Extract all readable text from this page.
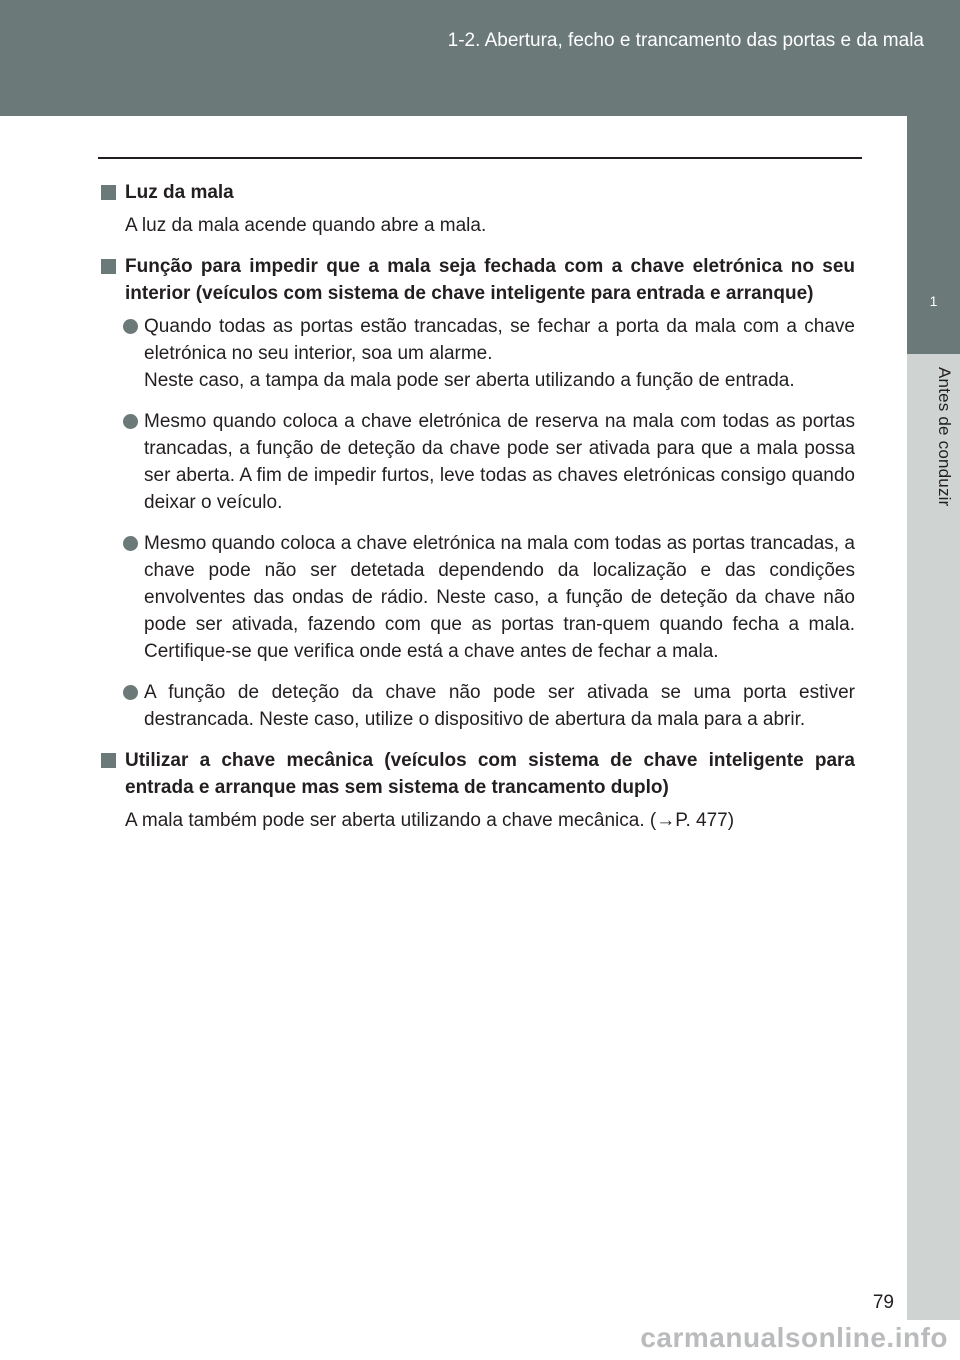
1-2. Abertura, fecho e trancamento das portas e da mala
1
Antes de conduzir
Luz da mala
A luz da mala acende quando abre a mala.
Função para impedir que a mala seja fechada com a chave eletrónica no seu interior (veículos com sistema de chave inteligente para entrada e arranque)

Quando todas as portas estão trancadas, se fechar a porta da mala com a chave eletrónica no seu interior, soa um alarme.

Neste caso, a tampa da mala pode ser aberta utilizando a função de entrada.

Mesmo quando coloca a chave eletrónica de reserva na mala com todas as portas trancadas, a função de deteção da chave pode ser ativada para que a mala possa ser aberta. A fim de impedir furtos, leve todas as chaves eletrónicas consigo quando deixar o veículo.

Mesmo quando coloca a chave eletrónica na mala com todas as portas trancadas, a chave pode não ser detetada dependendo da localização e das condições envolventes das ondas de rádio. Neste caso, a função de deteção da chave não pode ser ativada, fazendo com que as portas tran-quem quando fecha a mala. Certifique-se que verifica onde está a chave antes de fechar a mala.

A função de deteção da chave não pode ser ativada se uma porta estiver destrancada. Neste caso, utilize o dispositivo de abertura da mala para a abrir.

Utilizar a chave mecânica (veículos com sistema de chave inteligente para entrada e arranque mas sem sistema de trancamento duplo)
A mala também pode ser aberta utilizando a chave mecânica. (→P. 477)
79
carmanualsonline.info
